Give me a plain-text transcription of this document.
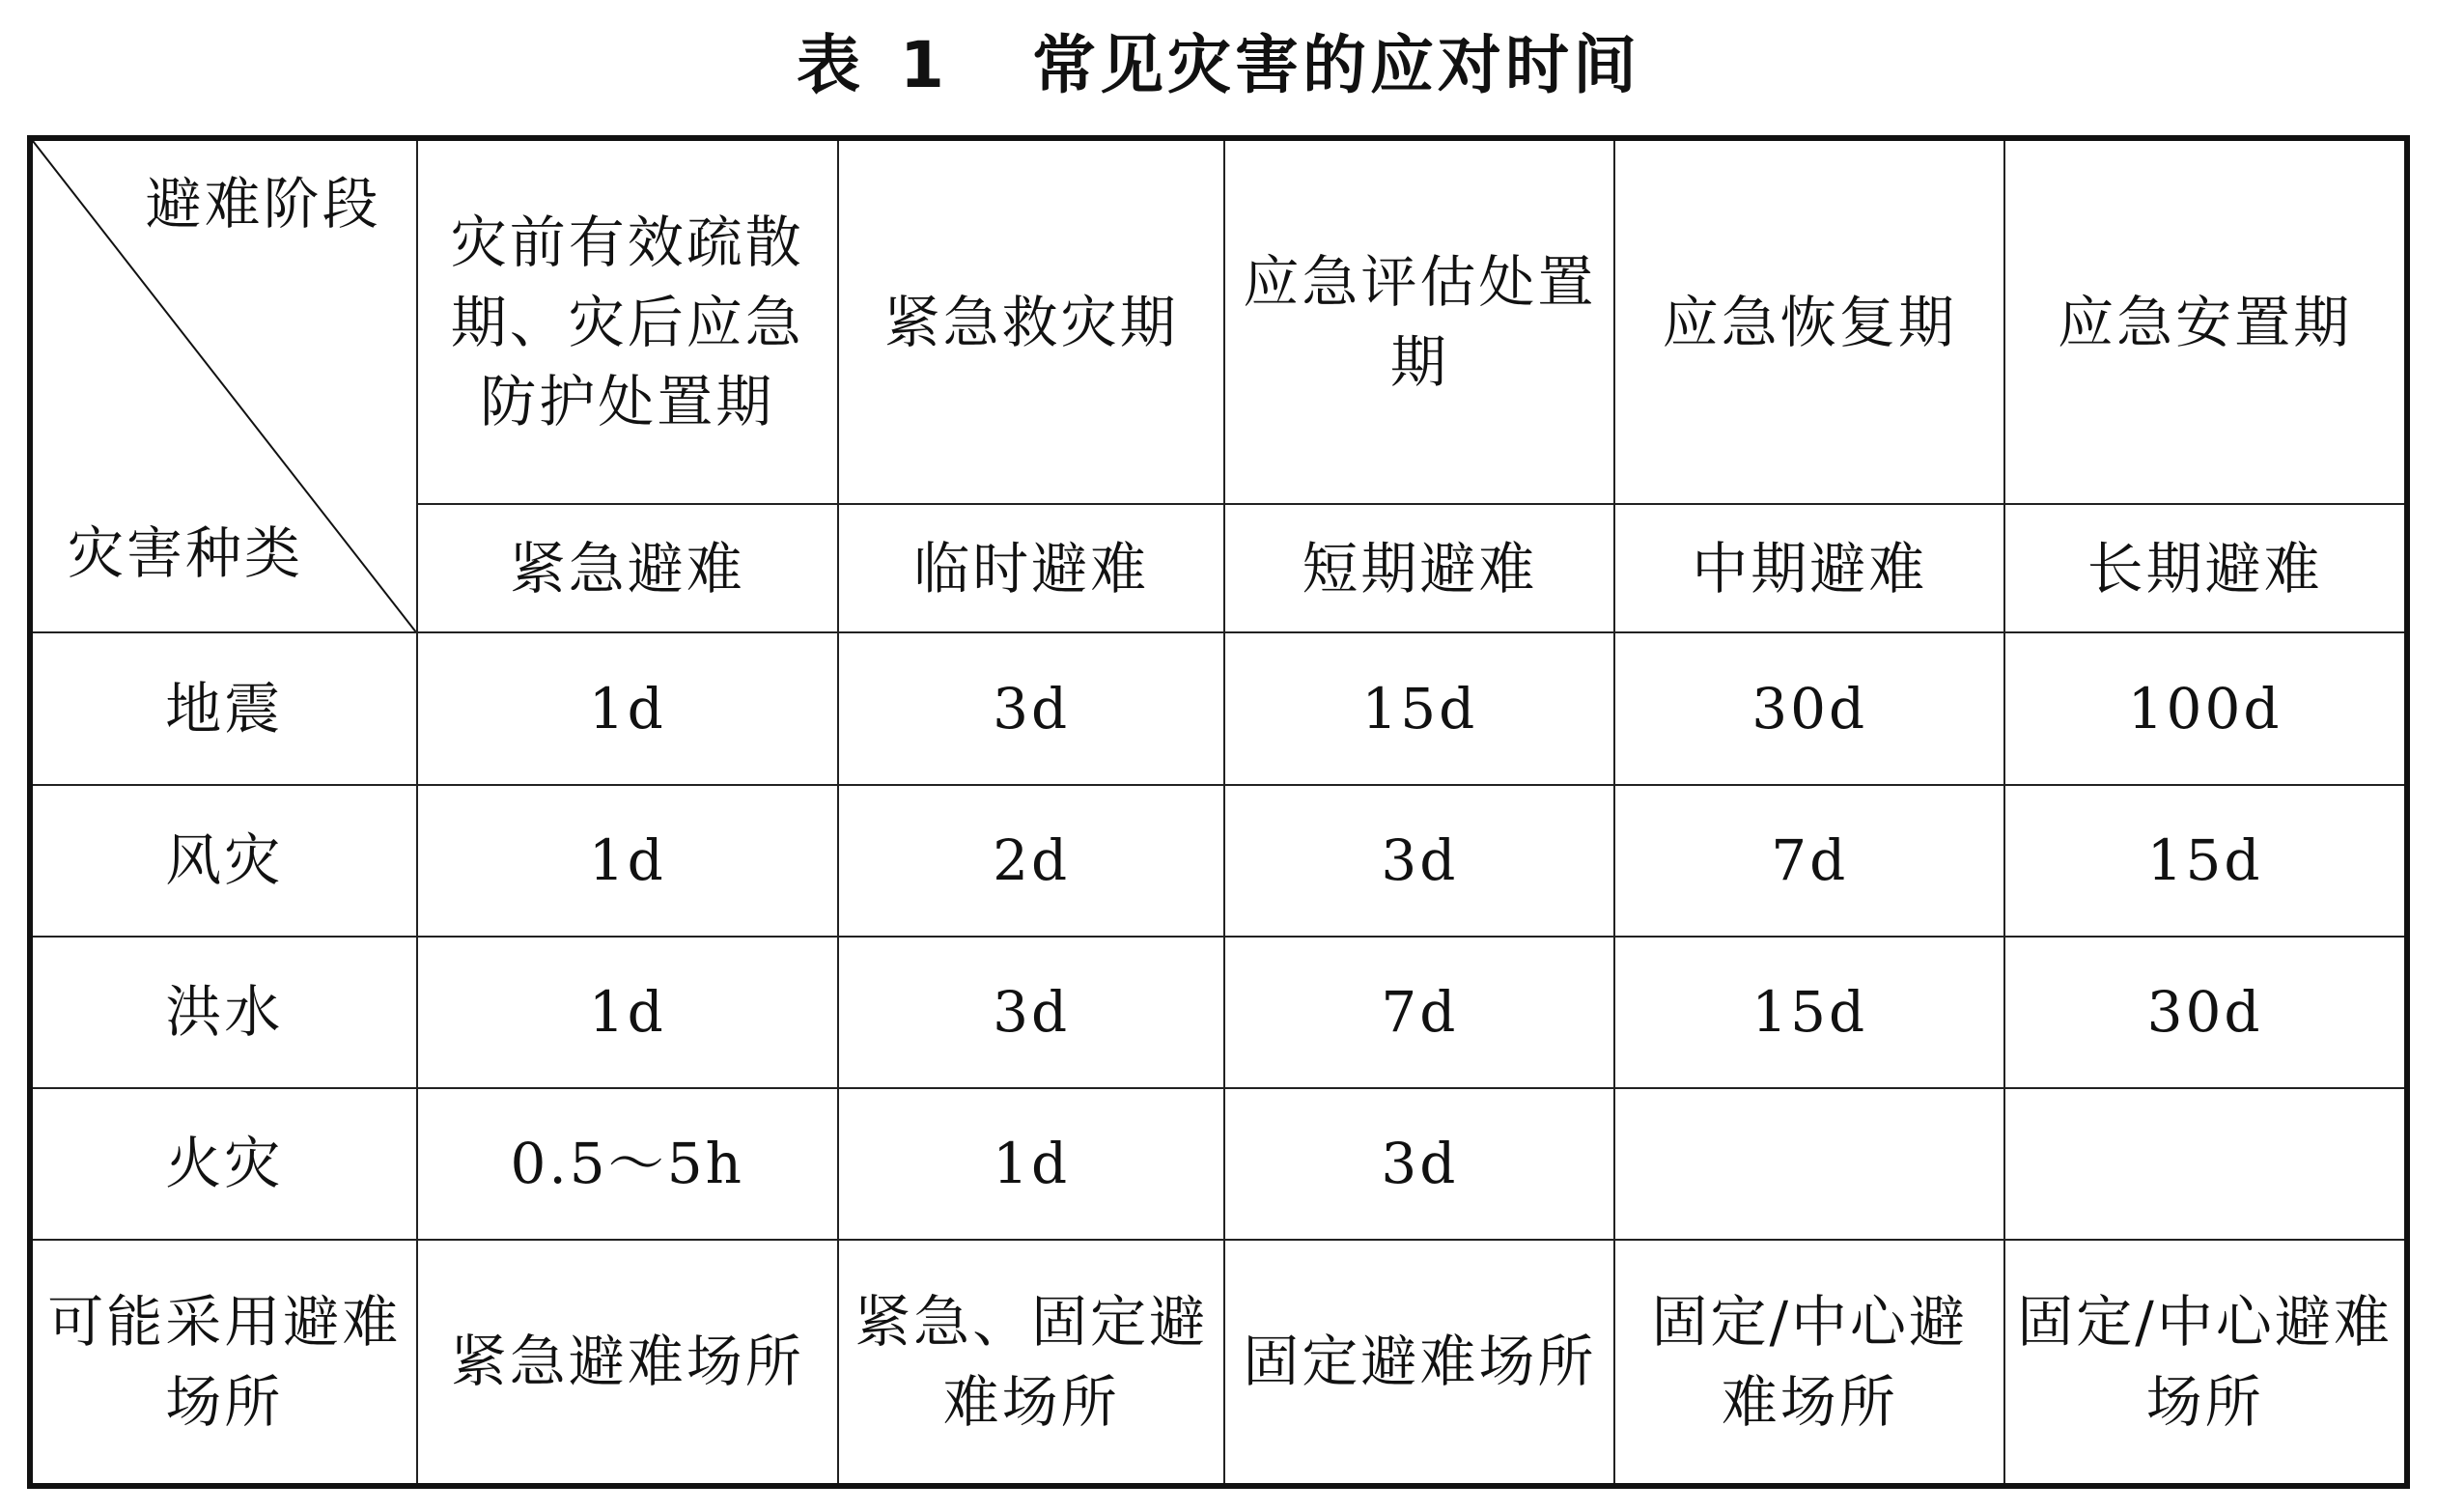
表 1 常见灾害的应对时间
避难阶段
灾害种类	灾前有效疏散期、灾后应急防护处置期	紧急救灾期	应急评估处置期	应急恢复期	应急安置期
	紧急避难	临时避难	短期避难	中期避难	长期避难
地震	1d	3d	15d	30d	100d
风灾	1d	2d	3d	7d	15d
洪水	1d	3d	7d	15d	30d
火灾	0.5～5h	1d	3d		
可能采用避难场所	紧急避难场所	紧急、固定避难场所	固定避难场所	固定/中心避难场所	固定/中心避难场所
